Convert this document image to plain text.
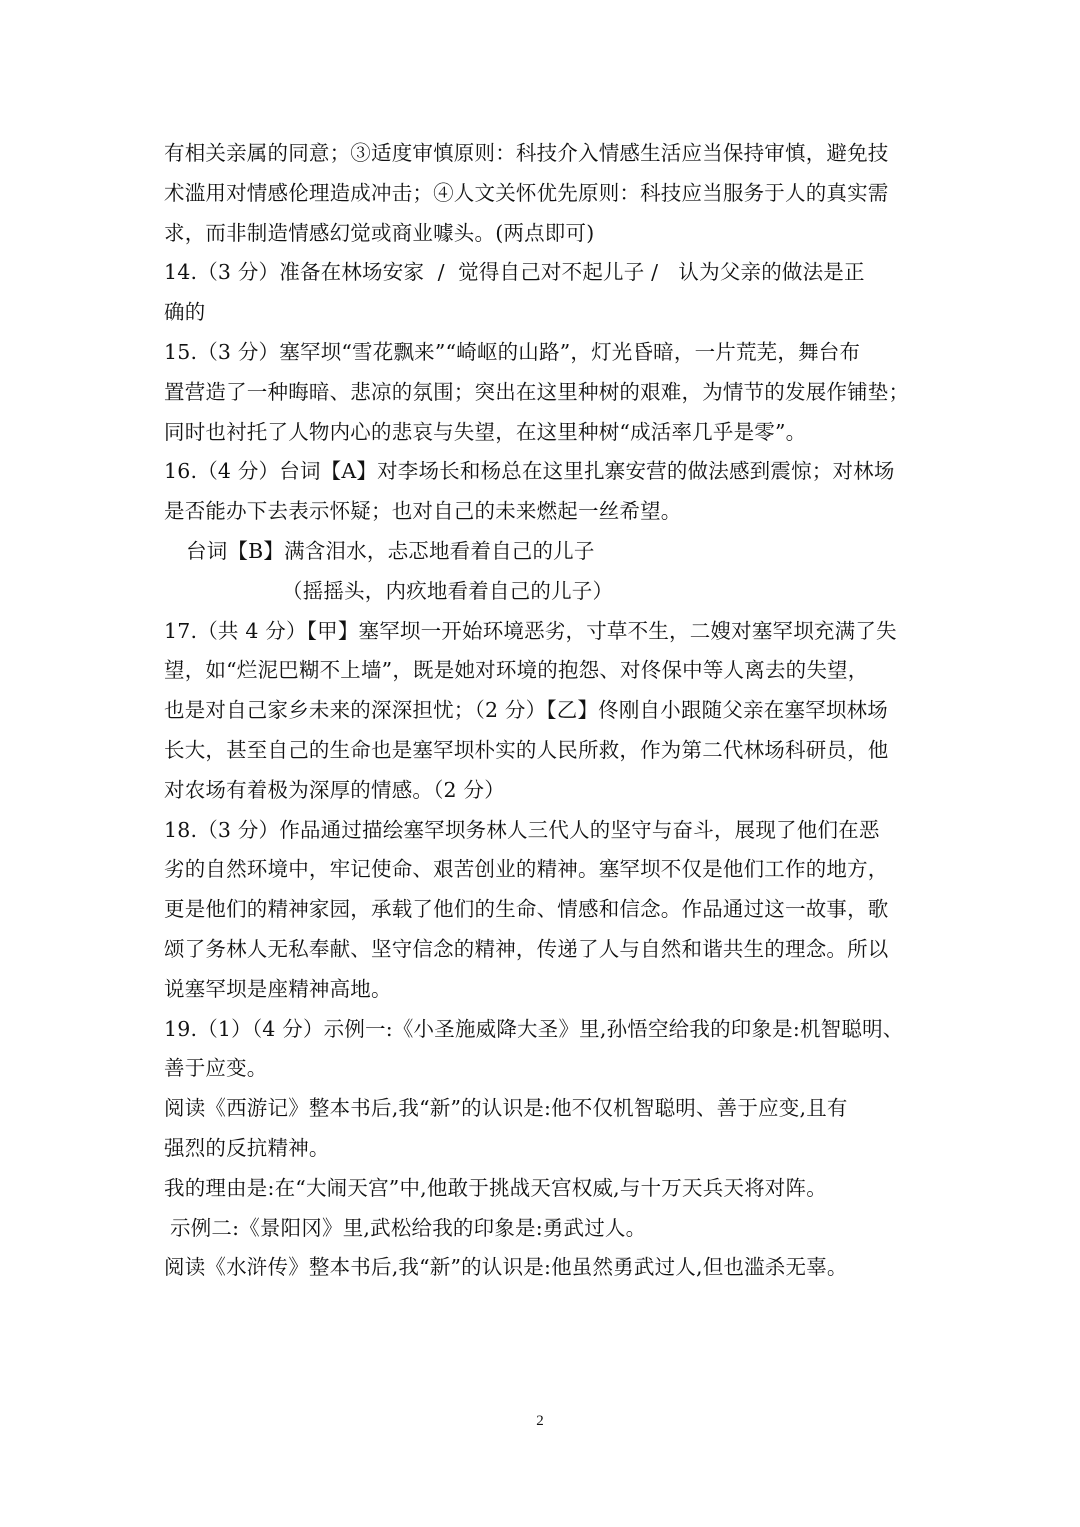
有相关亲属的同意；③适度审慎原则：科技介入情感生活应当保持审慎，避免技
术滥用对情感伦理造成冲击；④人文关怀优先原则：科技应当服务于人的真实需
求，而非制造情感幻觉或商业噱头。(两点即可)
14.（3 分）准备在林场安家  /  觉得自己对不起儿子 /   认为父亲的做法是正
确的
15.（3 分）塞罕坝“雪花飘来”“崎岖的山路”，灯光昏暗，一片荒芜，舞台布
置营造了一种晦暗、悲凉的氛围；突出在这里种树的艰难，为情节的发展作铺垫；
同时也衬托了人物内心的悲哀与失望，在这里种树“成活率几乎是零”。
16.（4 分）台词【A】对李场长和杨总在这里扎寨安营的做法感到震惊；对林场
是否能办下去表示怀疑；也对自己的未来燃起一丝希望。
台词【B】满含泪水，忐忑地看着自己的儿子
（摇摇头，内疚地看着自己的儿子）
17.（共 4 分）【甲】塞罕坝一开始环境恶劣，寸草不生，二嫂对塞罕坝充满了失
望，如“烂泥巴糊不上墙”，既是她对环境的抱怨、对佟保中等人离去的失望，
也是对自己家乡未来的深深担忧；（2 分）【乙】佟刚自小跟随父亲在塞罕坝林场
长大，甚至自己的生命也是塞罕坝朴实的人民所救，作为第二代林场科研员，他
对农场有着极为深厚的情感。（2 分）
18.（3 分）作品通过描绘塞罕坝务林人三代人的坚守与奋斗，展现了他们在恶
劣的自然环境中，牢记使命、艰苦创业的精神。塞罕坝不仅是他们工作的地方，
更是他们的精神家园，承载了他们的生命、情感和信念。作品通过这一故事，歌
颂了务林人无私奉献、坚守信念的精神，传递了人与自然和谐共生的理念。所以
说塞罕坝是座精神高地。
19.（1）（4 分）示例一:《小圣施威降大圣》里,孙悟空给我的印象是:机智聪明、
善于应变。
阅读《西游记》整本书后,我“新”的认识是:他不仅机智聪明、善于应变,且有
强烈的反抗精神。
我的理由是:在“大闹天宫”中,他敢于挑战天宫权威,与十万天兵天将对阵。
示例二:《景阳冈》里,武松给我的印象是:勇武过人。
阅读《水浒传》整本书后,我“新”的认识是:他虽然勇武过人,但也滥杀无辜。
2
